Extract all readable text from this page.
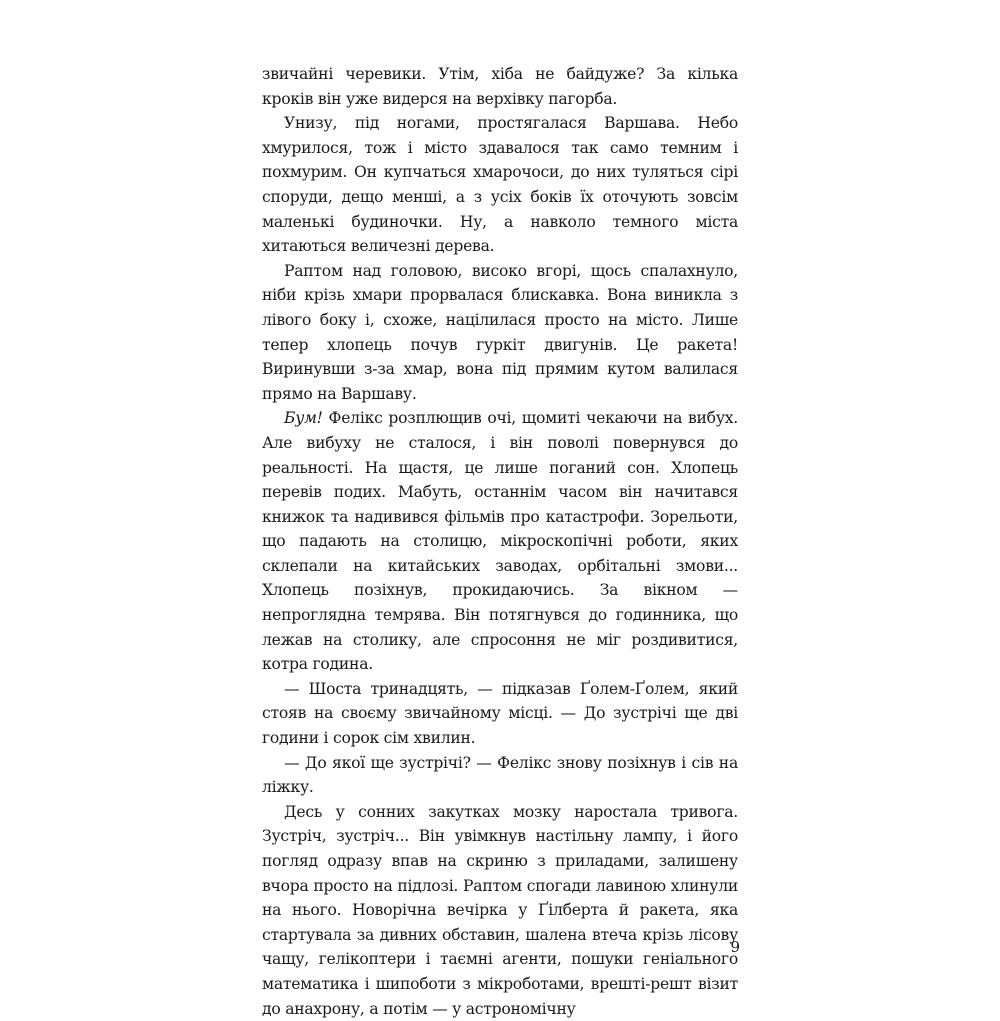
звичайні черевики. Утім, хіба не байдуже? За кілька кроків він уже видерся на верхівку пагорба.

Унизу, під ногами, простягалася Варшава. Небо хмурилося, тож і місто здавалося так само темним і похмурим. Он купчаться хмарочоси, до них туляться сірі споруди, дещо менші, а з усіх боків їх оточують зовсім маленькі будиночки. Ну, а навколо темного міста хитаються величезні дерева.

Раптом над головою, високо вгорі, щось спалахнуло, ніби крізь хмари прорвалася блискавка. Вона виникла з лівого боку і, схоже, націлилася просто на місто. Лише тепер хлопець почув гуркіт двигунів. Це ракета! Виринувши з-за хмар, вона під прямим кутом валилася прямо на Варшаву.

Бум! Фелікс розплющив очі, щомиті чекаючи на вибух. Але вибуху не сталося, і він поволі повернувся до реальності. На щастя, це лише поганий сон. Хлопець перевів подих. Мабуть, останнім часом він начитався книжок та надивився фільмів про катастрофи. Зорельоти, що падають на столицю, мікроскопічні роботи, яких склепали на китайських заводах, орбітальні змови... Хлопець позіхнув, прокидаючись. За вікном — непроглядна темрява. Він потягнувся до годинника, що лежав на столику, але спросоння не міг роздивитися, котра година.

— Шоста тринадцять, — підказав Ґолем-Ґолем, який стояв на своєму звичайному місці. — До зустрічі ще дві години і сорок сім хвилин.

— До якої ще зустрічі? — Фелікс знову позіхнув і сів на ліжку.

Десь у сонних закутках мозку наростала тривога. Зустріч, зустріч... Він увімкнув настільну лампу, і його погляд одразу впав на скриню з приладами, залишену вчора просто на підлозі. Раптом спогади лавиною хлинули на нього. Новорічна вечірка у Ґілберта й ракета, яка стартувала за дивних обставин, шалена втеча крізь лісову чащу, гелікоптери і таємні агенти, пошуки геніального математика і шипоботи з мікроботами, врешті-решт візит до анахрону, а потім — у астрономічну

9
